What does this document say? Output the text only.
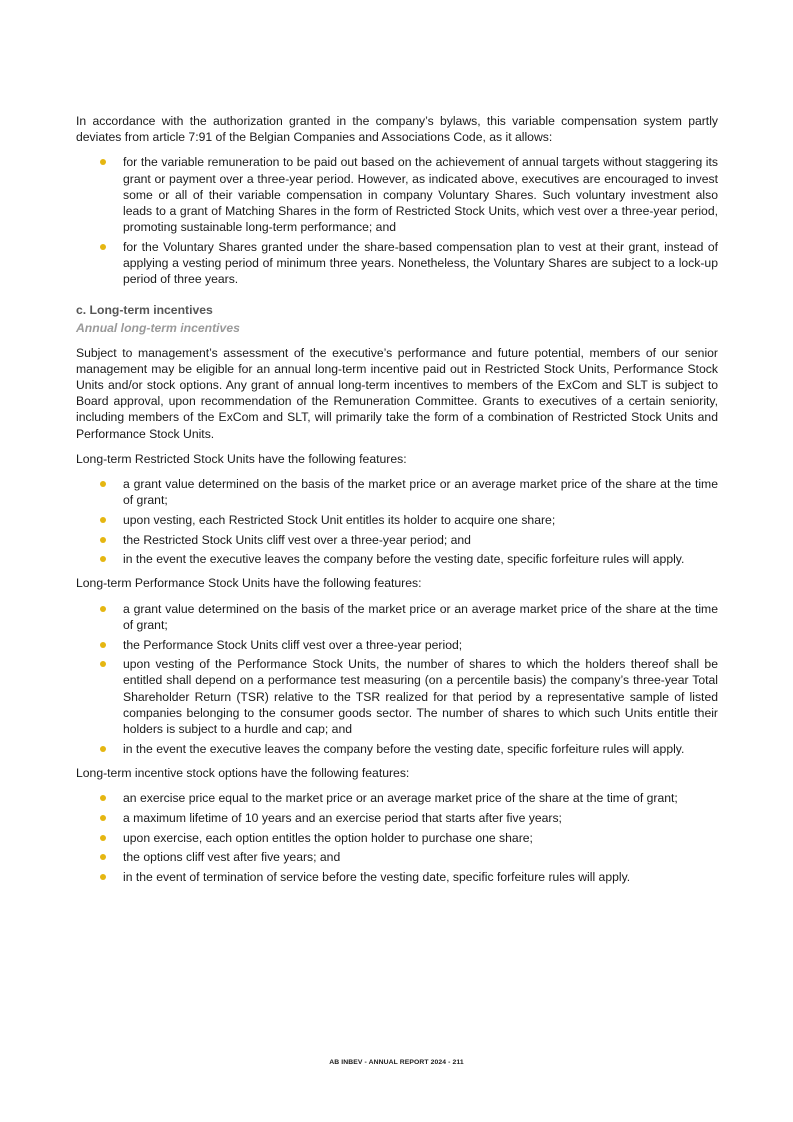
In accordance with the authorization granted in the company’s bylaws, this variable compensation system partly deviates from article 7:91 of the Belgian Companies and Associations Code, as it allows:

for the variable remuneration to be paid out based on the achievement of annual targets without staggering its grant or payment over a three-year period. However, as indicated above, executives are encouraged to invest some or all of their variable compensation in company Voluntary Shares. Such voluntary investment also leads to a grant of Matching Shares in the form of Restricted Stock Units, which vest over a three-year period, promoting sustainable long-term performance; and
for the Voluntary Shares granted under the share-based compensation plan to vest at their grant, instead of applying a vesting period of minimum three years. Nonetheless, the Voluntary Shares are subject to a lock-up period of three years.
c. Long-term incentives
Annual long-term incentives

Subject to management’s assessment of the executive’s performance and future potential, members of our senior management may be eligible for an annual long-term incentive paid out in Restricted Stock Units, Performance Stock Units and/or stock options. Any grant of annual long-term incentives to members of the ExCom and SLT is subject to Board approval, upon recommendation of the Remuneration Committee. Grants to executives of a certain seniority, including members of the ExCom and SLT, will primarily take the form of a combination of Restricted Stock Units and Performance Stock Units.

Long-term Restricted Stock Units have the following features:

a grant value determined on the basis of the market price or an average market price of the share at the time of grant;
upon vesting, each Restricted Stock Unit entitles its holder to acquire one share;
the Restricted Stock Units cliff vest over a three-year period; and
in the event the executive leaves the company before the vesting date, specific forfeiture rules will apply.

Long-term Performance Stock Units have the following features:

a grant value determined on the basis of the market price or an average market price of the share at the time of grant;
the Performance Stock Units cliff vest over a three-year period;
upon vesting of the Performance Stock Units, the number of shares to which the holders thereof shall be entitled shall depend on a performance test measuring (on a percentile basis) the company’s three-year Total Shareholder Return (TSR) relative to the TSR realized for that period by a representative sample of listed companies belonging to the consumer goods sector. The number of shares to which such Units entitle their holders is subject to a hurdle and cap; and
in the event the executive leaves the company before the vesting date, specific forfeiture rules will apply.

Long-term incentive stock options have the following features:

an exercise price equal to the market price or an average market price of the share at the time of grant;
a maximum lifetime of 10 years and an exercise period that starts after five years;
upon exercise, each option entitles the option holder to purchase one share;
the options cliff vest after five years; and
in the event of termination of service before the vesting date, specific forfeiture rules will apply.
AB INBEV - ANNUAL REPORT 2024 - 211
